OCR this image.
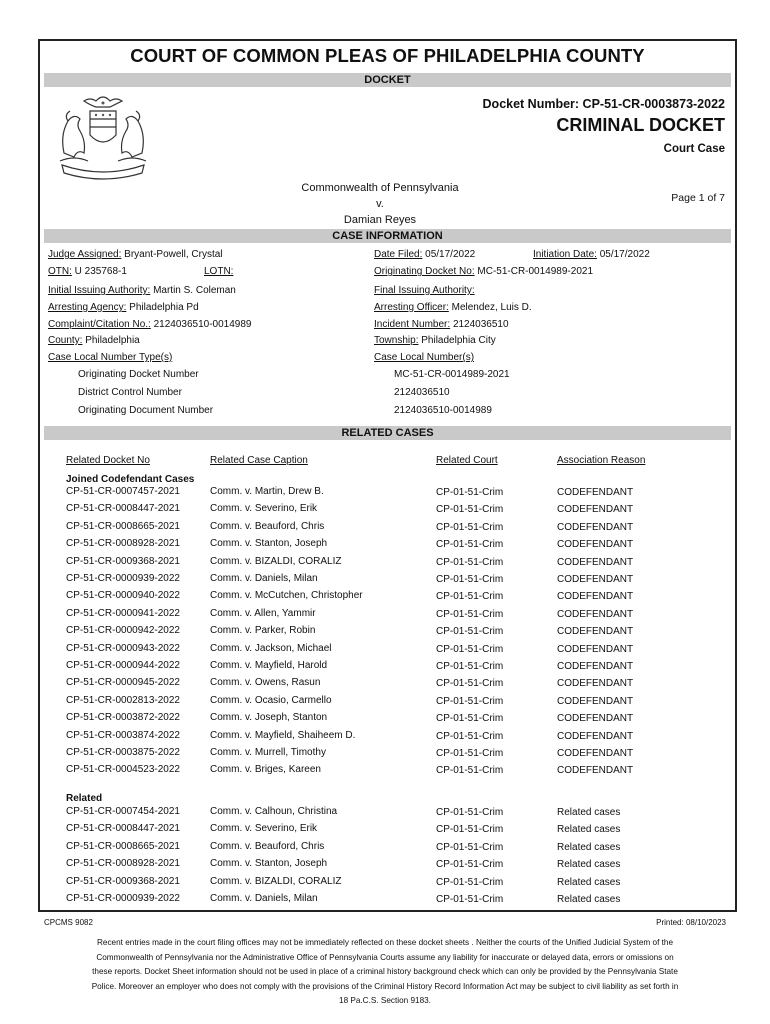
COURT OF COMMON PLEAS OF PHILADELPHIA COUNTY
DOCKET
Docket Number: CP-51-CR-0003873-2022
CRIMINAL DOCKET
Court Case
Commonwealth of Pennsylvania
v.
Damian Reyes
Page 1 of 7
CASE INFORMATION
Judge Assigned: Bryant-Powell, Crystal
OTN: U 235768-1	LOTN:
Initial Issuing Authority: Martin S. Coleman
Arresting Agency: Philadelphia Pd
Complaint/Citation No.: 2124036510-0014989
County: Philadelphia
Case Local Number Type(s)
Date Filed: 05/17/2022	Initiation Date: 05/17/2022
Originating Docket No: MC-51-CR-0014989-2021
Final Issuing Authority:
Arresting Officer: Melendez, Luis D.
Incident Number: 2124036510
Township: Philadelphia City
Case Local Number(s)
Originating Docket Number	MC-51-CR-0014989-2021
District Control Number	2124036510
Originating Document Number	2124036510-0014989
RELATED CASES
Related Docket No	Related Case Caption	Related Court	Association Reason
Joined Codefendant Cases
CP-51-CR-0007457-2021	Comm. v. Martin, Drew B.	CP-01-51-Crim	CODEFENDANT
CP-51-CR-0008447-2021	Comm. v. Severino, Erik	CP-01-51-Crim	CODEFENDANT
CP-51-CR-0008665-2021	Comm. v. Beauford, Chris	CP-01-51-Crim	CODEFENDANT
CP-51-CR-0008928-2021	Comm. v. Stanton, Joseph	CP-01-51-Crim	CODEFENDANT
CP-51-CR-0009368-2021	Comm. v. BIZALDI, CORALIZ	CP-01-51-Crim	CODEFENDANT
CP-51-CR-0000939-2022	Comm. v. Daniels, Milan	CP-01-51-Crim	CODEFENDANT
CP-51-CR-0000940-2022	Comm. v. McCutchen, Christopher	CP-01-51-Crim	CODEFENDANT
CP-51-CR-0000941-2022	Comm. v. Allen, Yammir	CP-01-51-Crim	CODEFENDANT
CP-51-CR-0000942-2022	Comm. v. Parker, Robin	CP-01-51-Crim	CODEFENDANT
CP-51-CR-0000943-2022	Comm. v. Jackson, Michael	CP-01-51-Crim	CODEFENDANT
CP-51-CR-0000944-2022	Comm. v. Mayfield, Harold	CP-01-51-Crim	CODEFENDANT
CP-51-CR-0000945-2022	Comm. v. Owens, Rasun	CP-01-51-Crim	CODEFENDANT
CP-51-CR-0002813-2022	Comm. v. Ocasio, Carmello	CP-01-51-Crim	CODEFENDANT
CP-51-CR-0003872-2022	Comm. v. Joseph, Stanton	CP-01-51-Crim	CODEFENDANT
CP-51-CR-0003874-2022	Comm. v. Mayfield, Shaiheem D.	CP-01-51-Crim	CODEFENDANT
CP-51-CR-0003875-2022	Comm. v. Murrell, Timothy	CP-01-51-Crim	CODEFENDANT
CP-51-CR-0004523-2022	Comm. v. Briges, Kareen	CP-01-51-Crim	CODEFENDANT
Related
CP-51-CR-0007454-2021	Comm. v. Calhoun, Christina	CP-01-51-Crim	Related cases
CP-51-CR-0008447-2021	Comm. v. Severino, Erik	CP-01-51-Crim	Related cases
CP-51-CR-0008665-2021	Comm. v. Beauford, Chris	CP-01-51-Crim	Related cases
CP-51-CR-0008928-2021	Comm. v. Stanton, Joseph	CP-01-51-Crim	Related cases
CP-51-CR-0009368-2021	Comm. v. BIZALDI, CORALIZ	CP-01-51-Crim	Related cases
CP-51-CR-0000939-2022	Comm. v. Daniels, Milan	CP-01-51-Crim	Related cases
CPCMS 9082	Printed: 08/10/2023
Recent entries made in the court filing offices may not be immediately reflected on these docket sheets . Neither the courts of the Unified Judicial System of the Commonwealth of Pennsylvania nor the Administrative Office of Pennsylvania Courts assume any liability for inaccurate or delayed data, errors or omissions on these reports. Docket Sheet information should not be used in place of a criminal history background check which can only be provided by the Pennsylvania State Police. Moreover an employer who does not comply with the provisions of the Criminal History Record Information Act may be subject to civil liability as set forth in 18 Pa.C.S. Section 9183.
